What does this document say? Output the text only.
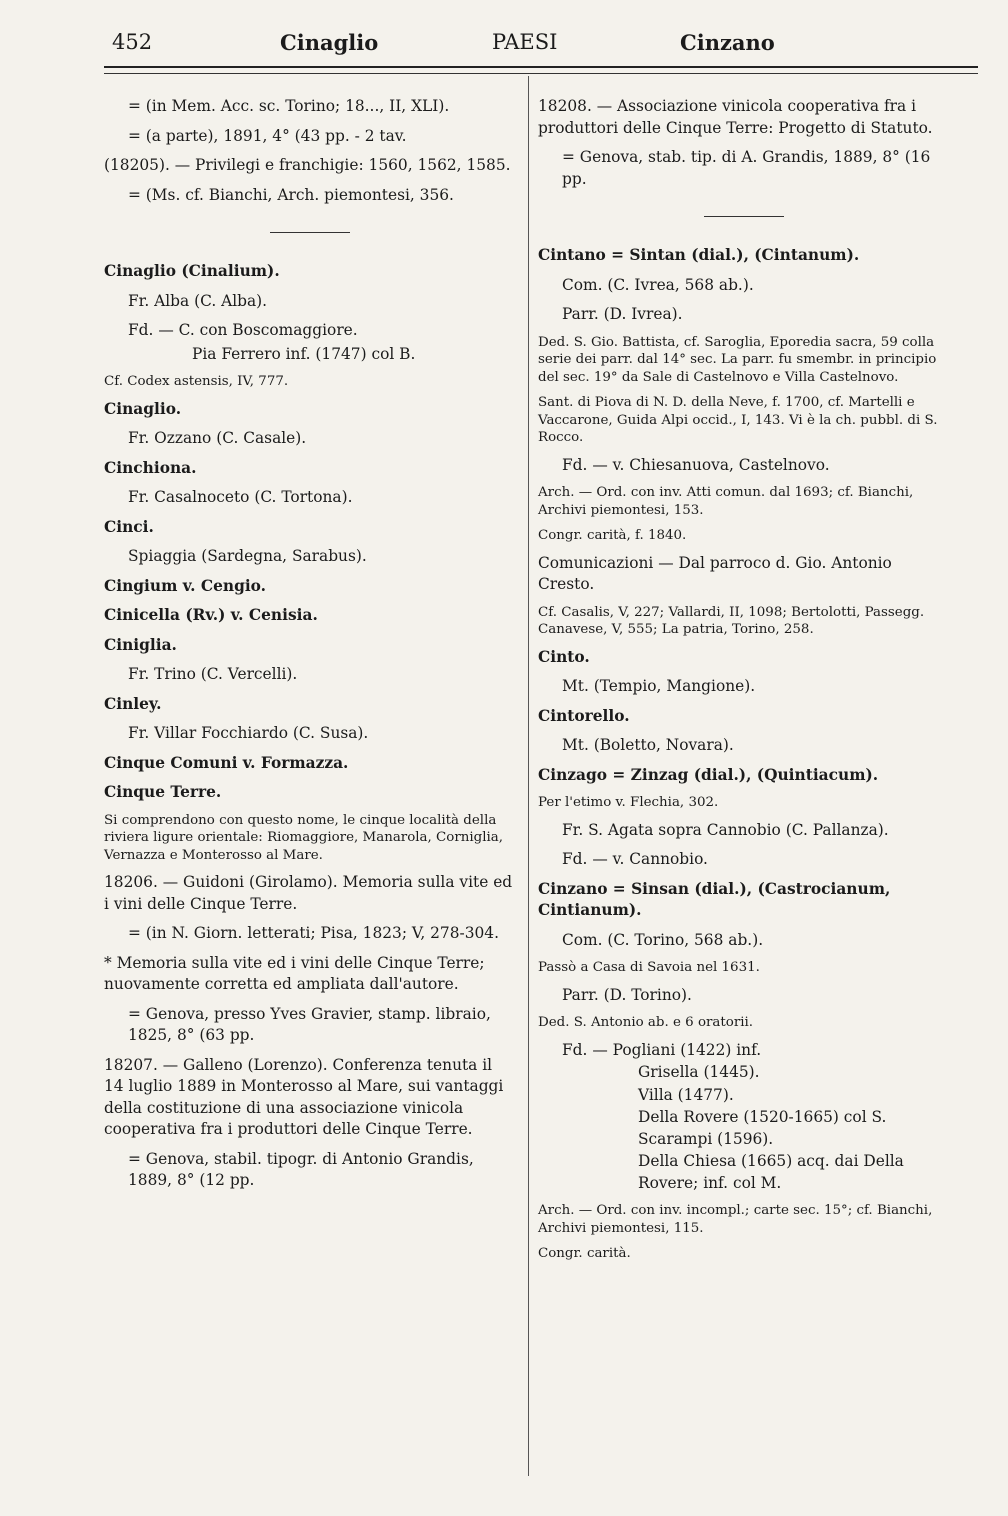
452	Cinaglio	PAESI	Cinzano

= (in Mem. Acc. sc. Torino; 18..., II, XLI).

= (a parte), 1891, 4° (43 pp. - 2 tav.

(18205). — Privilegi e franchigie: 1560, 1562, 1585.

= (Ms. cf. Bianchi, Arch. piemontesi, 356.

Cinaglio (Cinalium).

Fr. Alba (C. Alba).

Fd. — C. con Boscomaggiore.

Pia Ferrero inf. (1747) col B.

Cf. Codex astensis, IV, 777.

Cinaglio.

Fr. Ozzano (C. Casale).

Cinchiona.

Fr. Casalnoceto (C. Tortona).

Cinci.

Spiaggia (Sardegna, Sarabus).

Cingium v. Cengio.

Cinicella (Rv.) v. Cenisia.

Ciniglia.

Fr. Trino (C. Vercelli).

Cinley.

Fr. Villar Focchiardo (C. Susa).

Cinque Comuni v. Formazza.

Cinque Terre.

Si comprendono con questo nome, le cinque località della riviera ligure orientale: Riomaggiore, Manarola, Corniglia, Vernazza e Monterosso al Mare.

18206. — Guidoni (Girolamo). Memoria sulla vite ed i vini delle Cinque Terre.

= (in N. Giorn. letterati; Pisa, 1823; V, 278-304.

* Memoria sulla vite ed i vini delle Cinque Terre; nuovamente corretta ed ampliata dall'autore.

= Genova, presso Yves Gravier, stamp. libraio, 1825, 8° (63 pp.

18207. — Galleno (Lorenzo). Conferenza tenuta il 14 luglio 1889 in Monterosso al Mare, sui vantaggi della costituzione di una associazione vinicola cooperativa fra i produttori delle Cinque Terre.

= Genova, stabil. tipogr. di Antonio Grandis, 1889, 8° (12 pp.

18208. — Associazione vinicola cooperativa fra i produttori delle Cinque Terre: Progetto di Statuto.

= Genova, stab. tip. di A. Grandis, 1889, 8° (16 pp.

Cintano = Sintan (dial.), (Cintanum).

Com. (C. Ivrea, 568 ab.).

Parr. (D. Ivrea).

Ded. S. Gio. Battista, cf. Saroglia, Eporedia sacra, 59 colla serie dei parr. dal 14° sec. La parr. fu smembr. in principio del sec. 19° da Sale di Castelnovo e Villa Castelnovo.

Sant. di Piova di N. D. della Neve, f. 1700, cf. Martelli e Vaccarone, Guida Alpi occid., I, 143. Vi è la ch. pubbl. di S. Rocco.

Fd. — v. Chiesanuova, Castelnovo.

Arch. — Ord. con inv. Atti comun. dal 1693; cf. Bianchi, Archivi piemontesi, 153.

Congr. carità, f. 1840.

Comunicazioni — Dal parroco d. Gio. Antonio Cresto.

Cf. Casalis, V, 227; Vallardi, II, 1098; Bertolotti, Passegg. Canavese, V, 555; La patria, Torino, 258.

Cinto.

Mt. (Tempio, Mangione).

Cintorello.

Mt. (Boletto, Novara).

Cinzago = Zinzag (dial.), (Quintiacum).

Per l'etimo v. Flechia, 302.

Fr. S. Agata sopra Cannobio (C. Pallanza).

Fd. — v. Cannobio.

Cinzano = Sinsan (dial.), (Castrocianum, Cintianum).

Com. (C. Torino, 568 ab.).

Passò a Casa di Savoia nel 1631.

Parr. (D. Torino).

Ded. S. Antonio ab. e 6 oratorii.

Fd. — Pogliani (1422) inf.

Grisella (1445).

Villa (1477).

Della Rovere (1520-1665) col S. Scarampi (1596).

Della Chiesa (1665) acq. dai Della Rovere; inf. col M.

Arch. — Ord. con inv. incompl.; carte sec. 15°; cf. Bianchi, Archivi piemontesi, 115.

Congr. carità.
